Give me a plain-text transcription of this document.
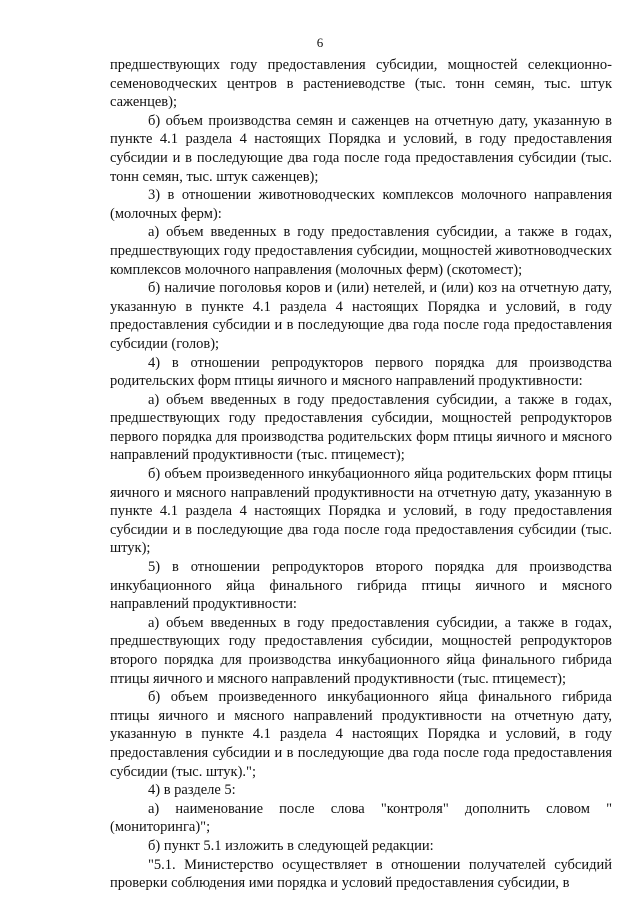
6

предшествующих году предоставления субсидии, мощностей селекционно-семеноводческих центров в растениеводстве (тыс. тонн семян, тыс. штук саженцев);

б) объем производства семян и саженцев на отчетную дату, указанную в пункте 4.1 раздела 4 настоящих Порядка и условий, в году предоставления субсидии и в последующие два года после года предоставления субсидии (тыс. тонн семян, тыс. штук саженцев);

3) в отношении животноводческих комплексов молочного направления (молочных ферм):

а) объем введенных в году предоставления субсидии, а также в годах, предшествующих году предоставления субсидии, мощностей животноводческих комплексов молочного направления (молочных ферм) (скотомест);

б) наличие поголовья коров и (или) нетелей, и (или) коз на отчетную дату, указанную в пункте 4.1 раздела 4 настоящих Порядка и условий, в году предоставления субсидии и в последующие два года после года предоставления субсидии (голов);

4) в отношении репродукторов первого порядка для производства родительских форм птицы яичного и мясного направлений продуктивности:

а) объем введенных в году предоставления субсидии, а также в годах, предшествующих году предоставления субсидии, мощностей репродукторов первого порядка для производства родительских форм птицы яичного и мясного направлений продуктивности (тыс. птицемест);

б) объем произведенного инкубационного яйца родительских форм птицы яичного и мясного направлений продуктивности на отчетную дату, указанную в пункте 4.1 раздела 4 настоящих Порядка и условий, в году предоставления субсидии и в последующие два года после года предоставления субсидии (тыс. штук);

5) в отношении репродукторов второго порядка для производства инкубационного яйца финального гибрида птицы яичного и мясного направлений продуктивности:

а) объем введенных в году предоставления субсидии, а также в годах, предшествующих году предоставления субсидии, мощностей репродукторов второго порядка для производства инкубационного яйца финального гибрида птицы яичного и мясного направлений продуктивности (тыс. птицемест);

б) объем произведенного инкубационного яйца финального гибрида птицы яичного и мясного направлений продуктивности на отчетную дату, указанную в пункте 4.1 раздела 4 настоящих Порядка и условий, в году предоставления субсидии и в последующие два года после года предоставления субсидии (тыс. штук).";

4) в разделе 5:

а) наименование после слова "контроля" дополнить словом "(мониторинга)";

б) пункт 5.1 изложить в следующей редакции:

"5.1. Министерство осуществляет в отношении получателей субсидий проверки соблюдения ими порядка и условий предоставления субсидии, в
